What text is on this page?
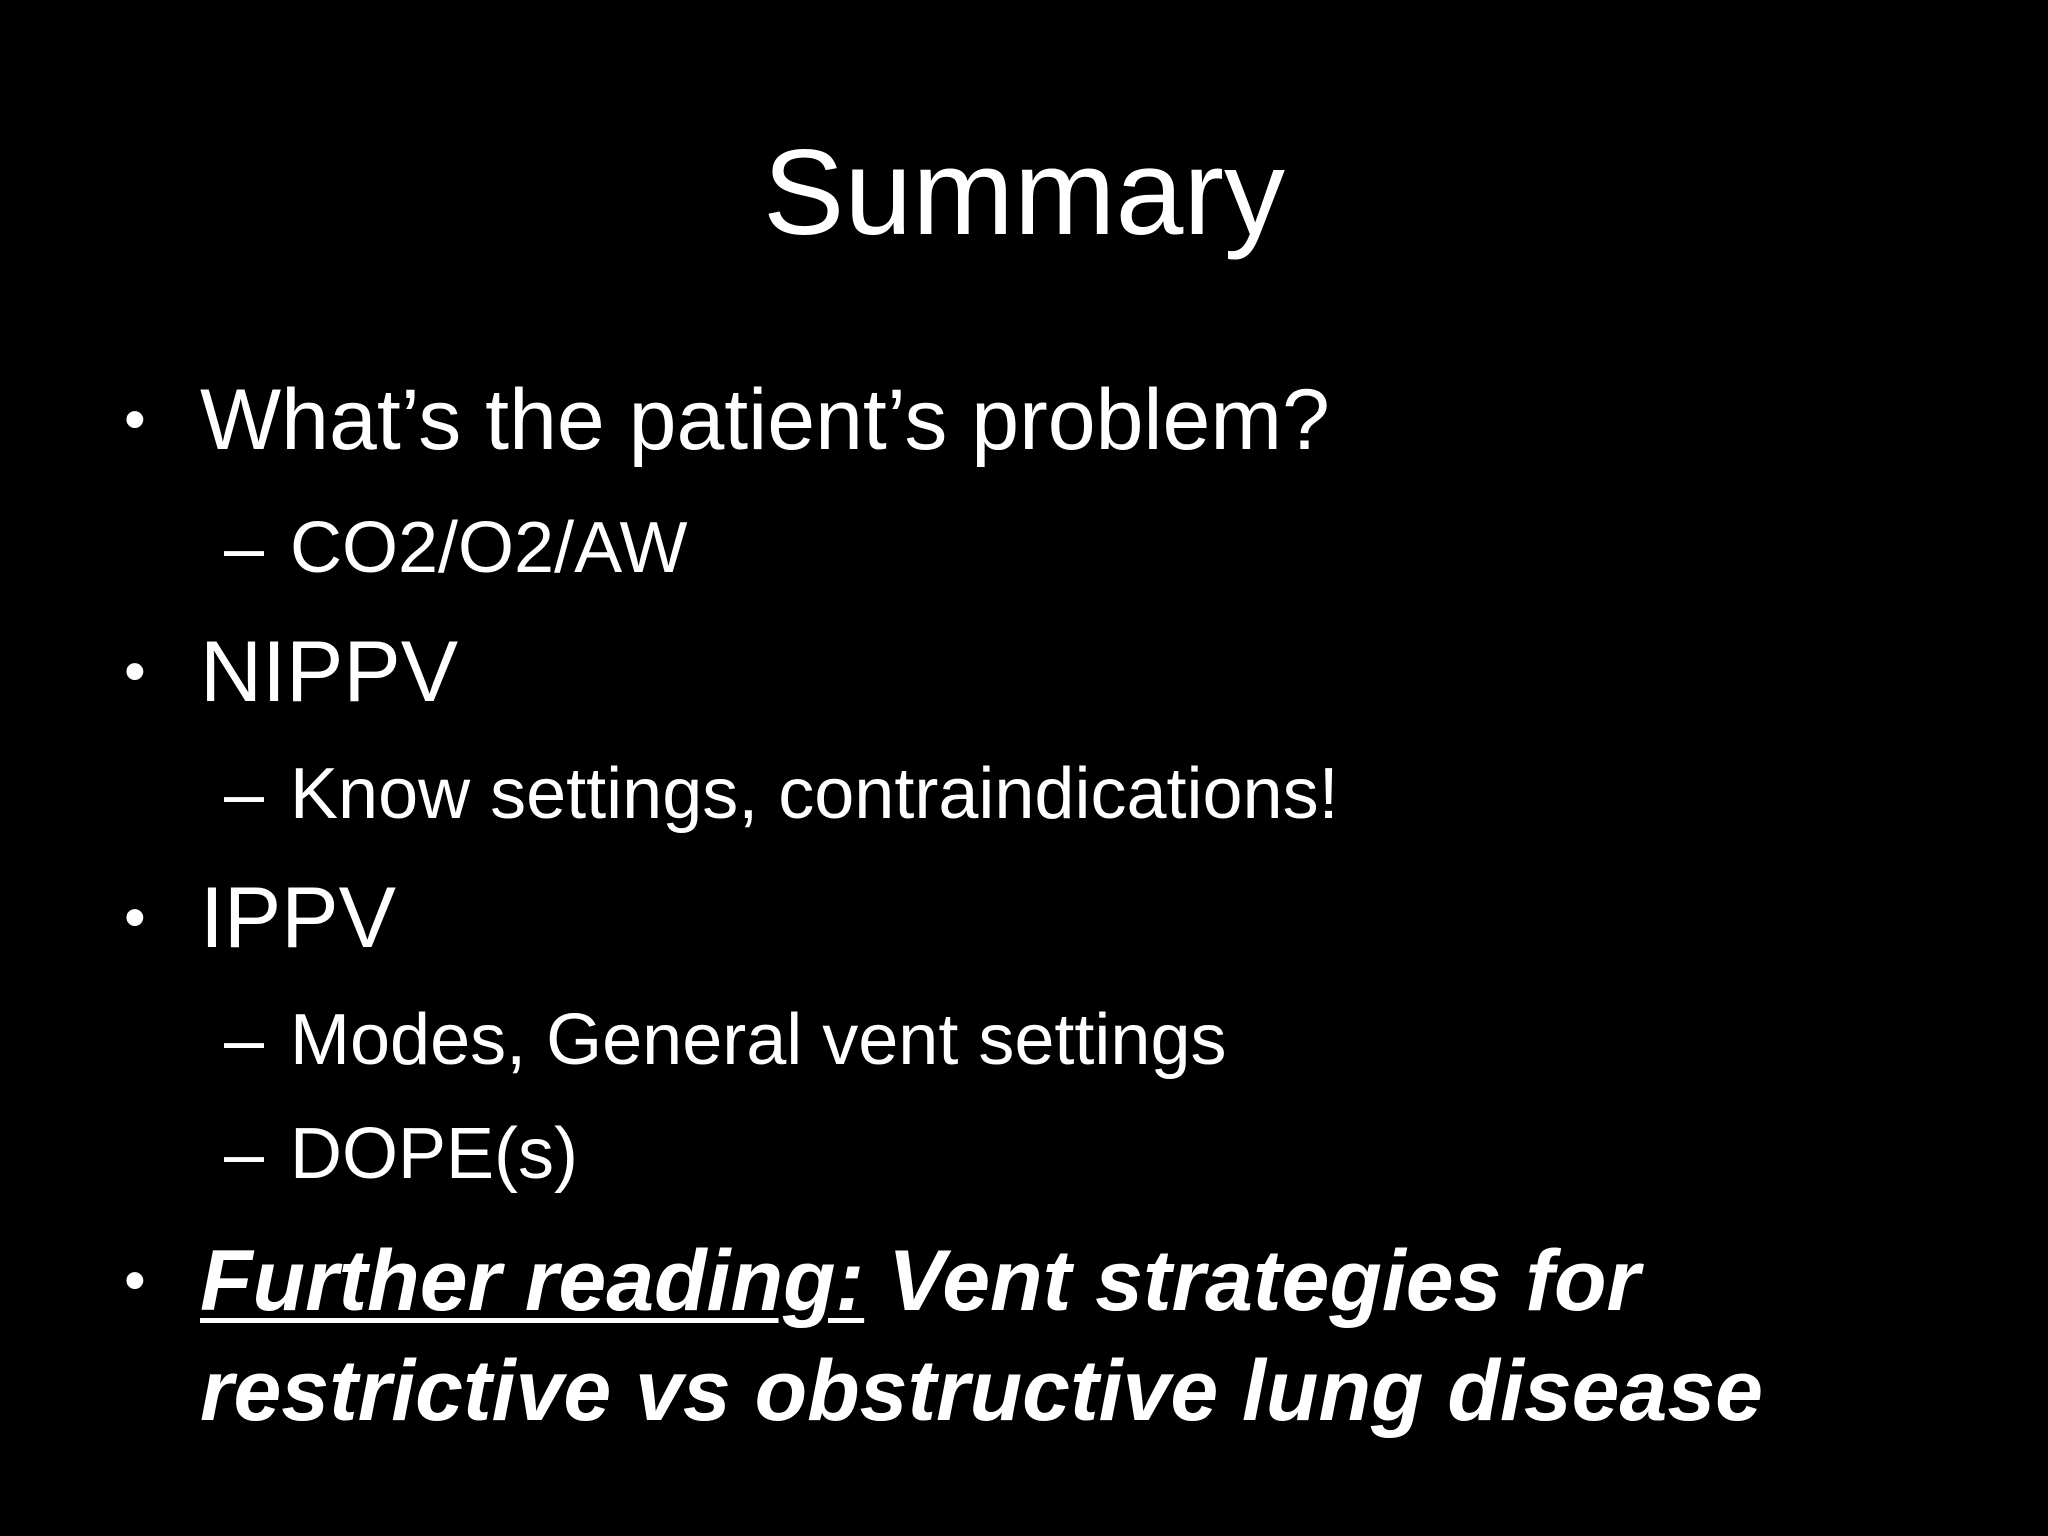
Summary
• What’s the patient’s problem?
– CO2/O2/AW
• NIPPV
– Know settings, contraindications!
• IPPV
– Modes, General vent settings
– DOPE(s)
• Further reading: Vent strategies for restrictive vs obstructive lung disease
